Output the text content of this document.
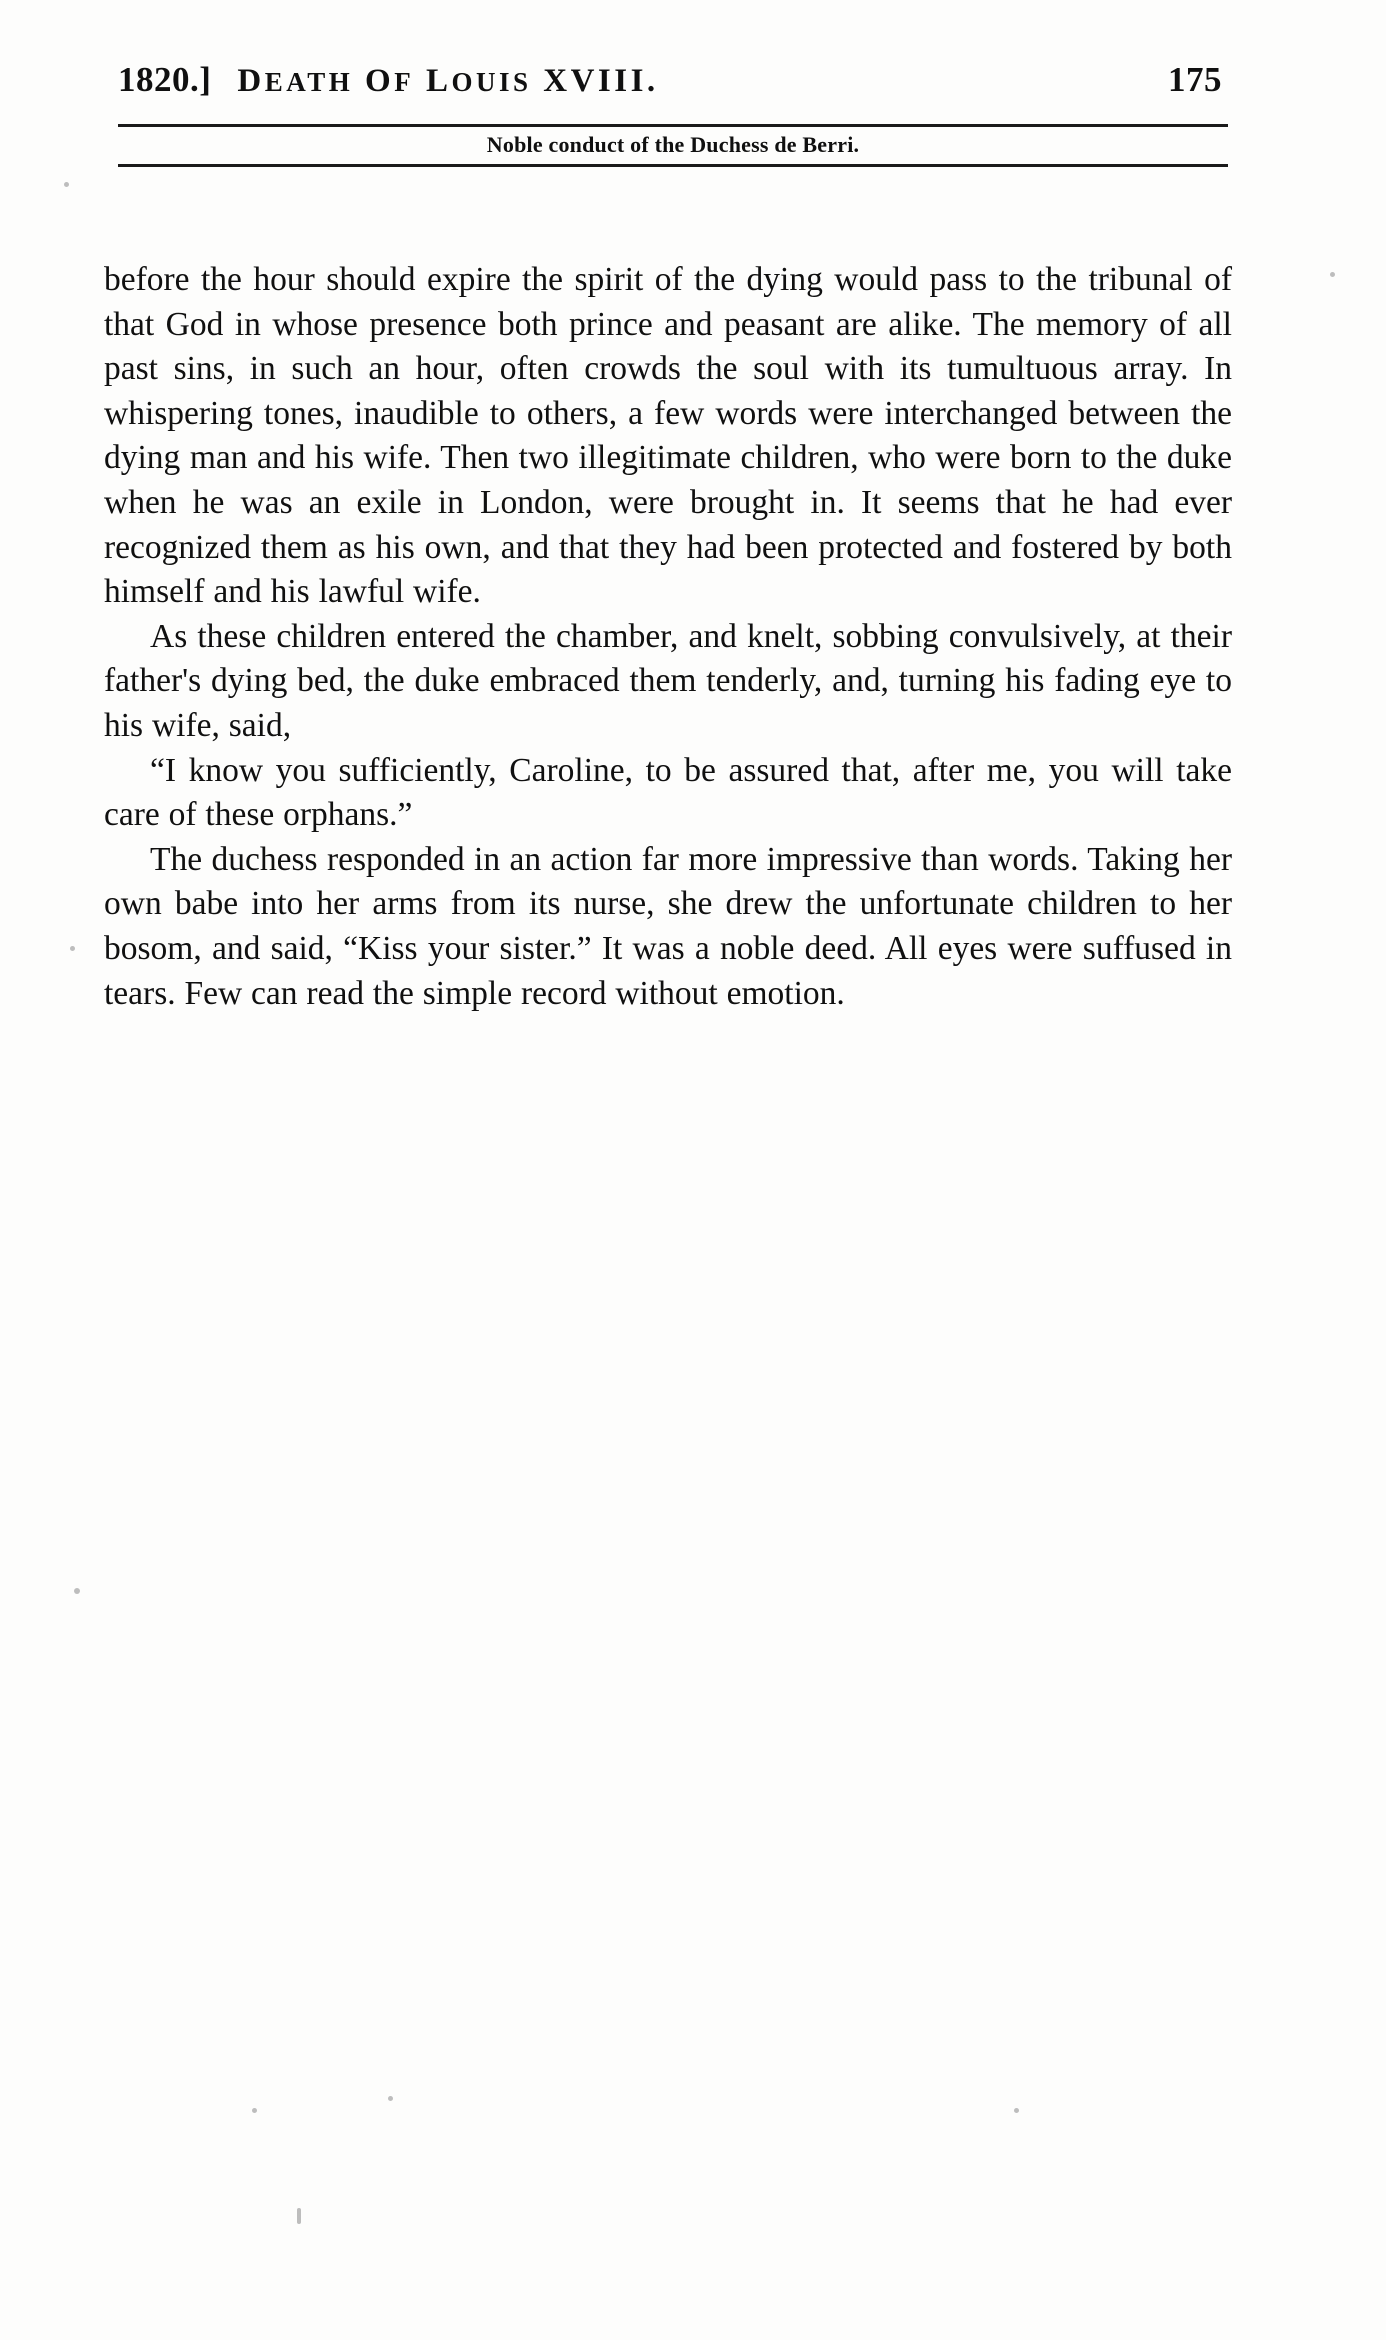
1820.] DEATH OF LOUIS XVIII.	175
Noble conduct of the Duchess de Berri.

before the hour should expire the spirit of the dying would pass to the tribunal of that God in whose presence both prince and peasant are alike. The memory of all past sins, in such an hour, often crowds the soul with its tumultuous array. In whispering tones, inaudible to others, a few words were interchanged between the dying man and his wife. Then two illegitimate children, who were born to the duke when he was an exile in London, were brought in. It seems that he had ever recognized them as his own, and that they had been protected and fostered by both himself and his lawful wife.

As these children entered the chamber, and knelt, sobbing convulsively, at their father's dying bed, the duke embraced them tenderly, and, turning his fading eye to his wife, said,

“I know you sufficiently, Caroline, to be assured that, after me, you will take care of these orphans.”

The duchess responded in an action far more impressive than words. Taking her own babe into her arms from its nurse, she drew the unfortunate children to her bosom, and said, “Kiss your sister.” It was a noble deed. All eyes were suffused in tears. Few can read the simple record without emotion.
